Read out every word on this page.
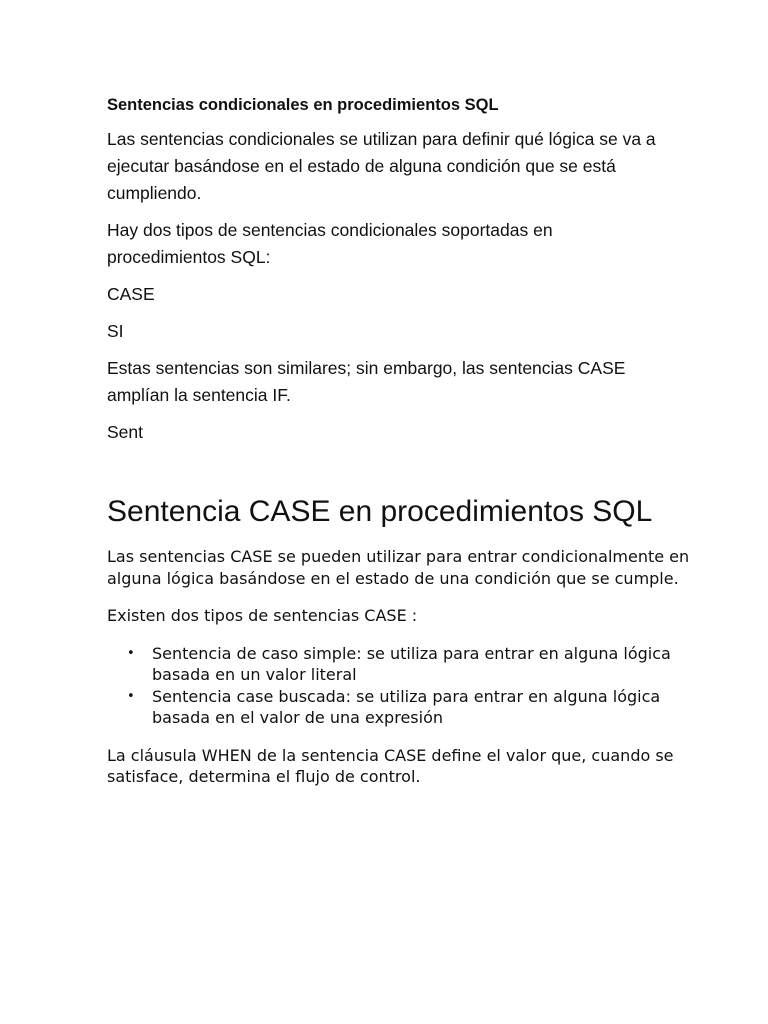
Sentencias condicionales en procedimientos SQL

Las sentencias condicionales se utilizan para definir qué lógica se va a ejecutar basándose en el estado de alguna condición que se está cumpliendo.

Hay dos tipos de sentencias condicionales soportadas en procedimientos SQL:

CASE

SI

Estas sentencias son similares; sin embargo, las sentencias CASE amplían la sentencia IF.

Sent

Sentencia CASE en procedimientos SQL

Las sentencias CASE se pueden utilizar para entrar condicionalmente en alguna lógica basándose en el estado de una condición que se cumple.

Existen dos tipos de sentencias CASE :

• Sentencia de caso simple: se utiliza para entrar en alguna lógica basada en un valor literal
• Sentencia case buscada: se utiliza para entrar en alguna lógica basada en el valor de una expresión

La cláusula WHEN de la sentencia CASE define el valor que, cuando se satisface, determina el flujo de control.
